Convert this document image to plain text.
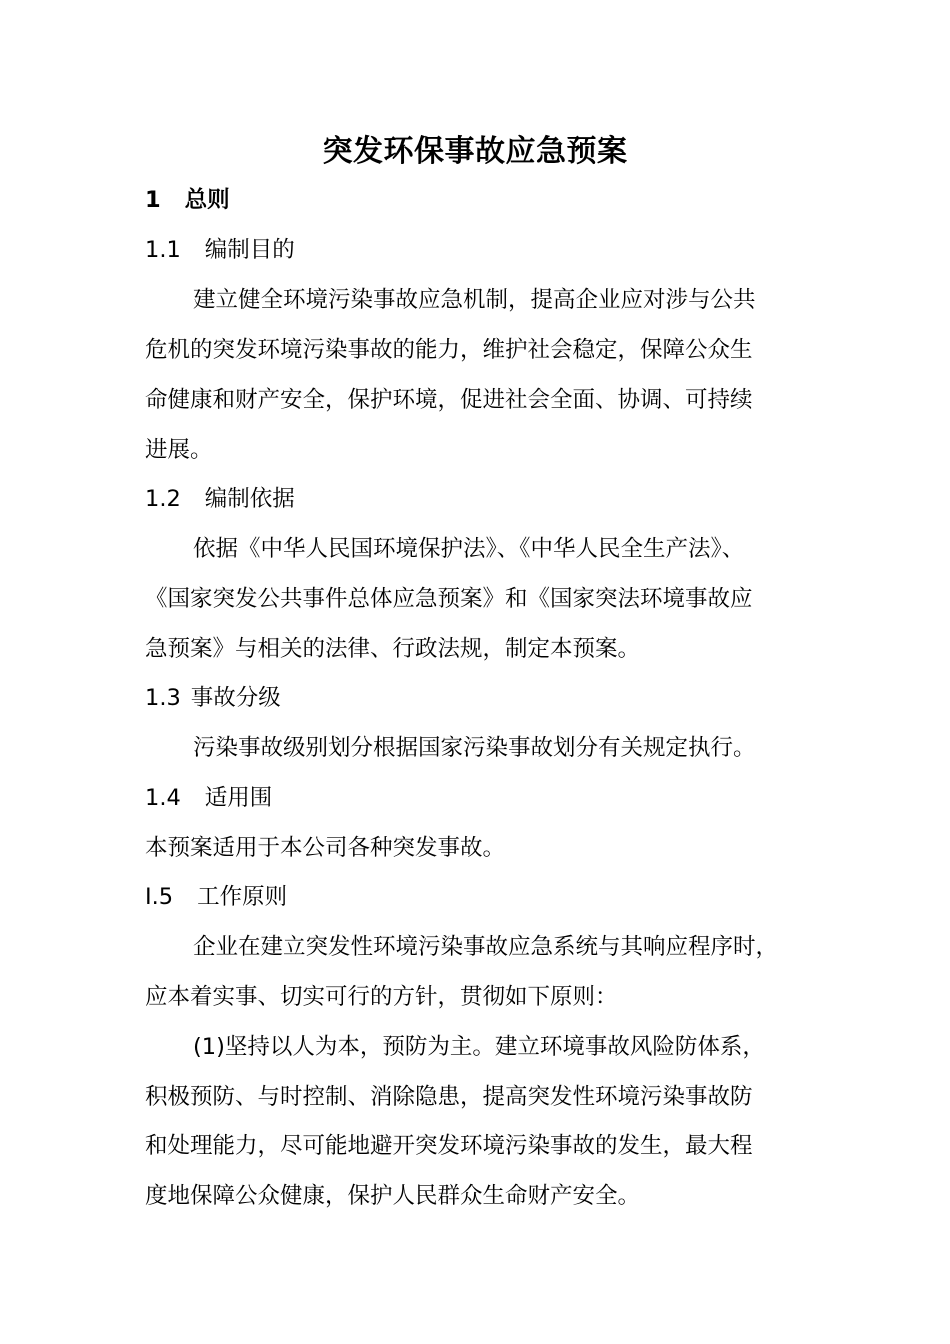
突发环保事故应急预案
1 总则
1.1 编制目的
建立健全环境污染事故应急机制，提高企业应对涉与公共
危机的突发环境污染事故的能力，维护社会稳定，保障公众生
命健康和财产安全，保护环境，促进社会全面、协调、可持续
进展。
1.2 编制依据
依据《中华人民国环境保护法》、《中华人民全生产法》、
《国家突发公共事件总体应急预案》和《国家突法环境事故应
急预案》与相关的法律、行政法规，制定本预案。
1.3 事故分级
污染事故级别划分根据国家污染事故划分有关规定执行。
1.4 适用围
本预案适用于本公司各种突发事故。
I.5 工作原则
企业在建立突发性环境污染事故应急系统与其响应程序时，
应本着实事、切实可行的方针，贯彻如下原则：
(1)坚持以人为本，预防为主。建立环境事故风险防体系，
积极预防、与时控制、消除隐患，提高突发性环境污染事故防
和处理能力，尽可能地避开突发环境污染事故的发生，最大程
度地保障公众健康，保护人民群众生命财产安全。
